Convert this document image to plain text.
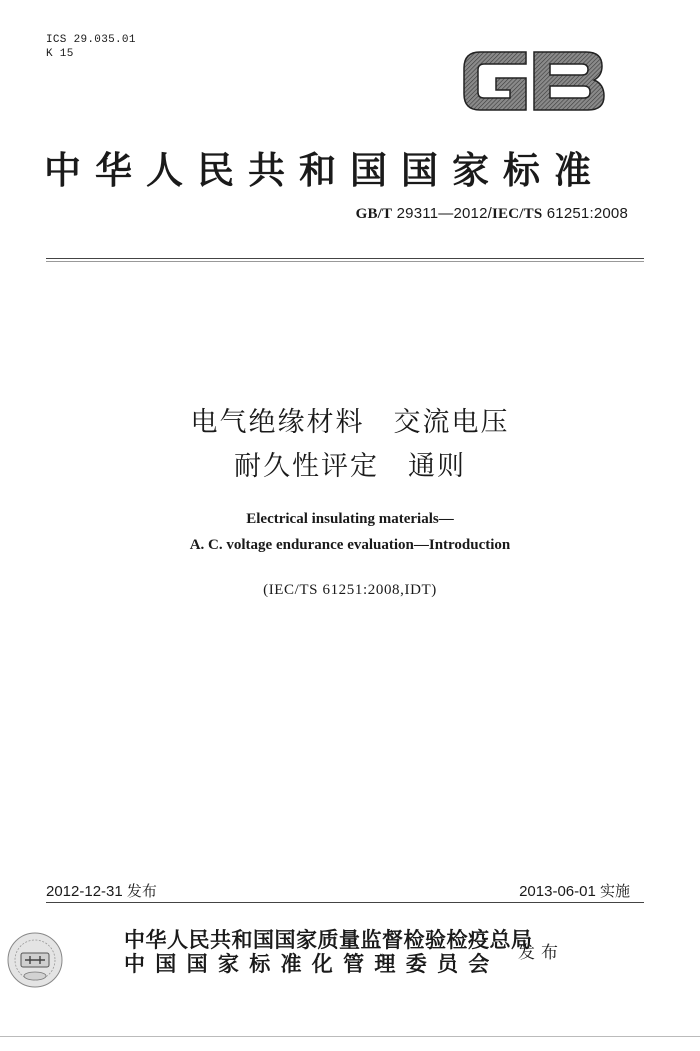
ICS 29.035.01
K 15
中华人民共和国国家标准
GB/T 29311—2012/IEC/TS 61251:2008
电气绝缘材料　交流电压
耐久性评定　通则
Electrical insulating materials—
A. C. voltage endurance evaluation—Introduction
(IEC/TS 61251:2008,IDT)
2012-12-31 发布	2013-06-01 实施
中华人民共和国国家质量监督检验检疫总局
中国国家标准化管理委员会 发布
